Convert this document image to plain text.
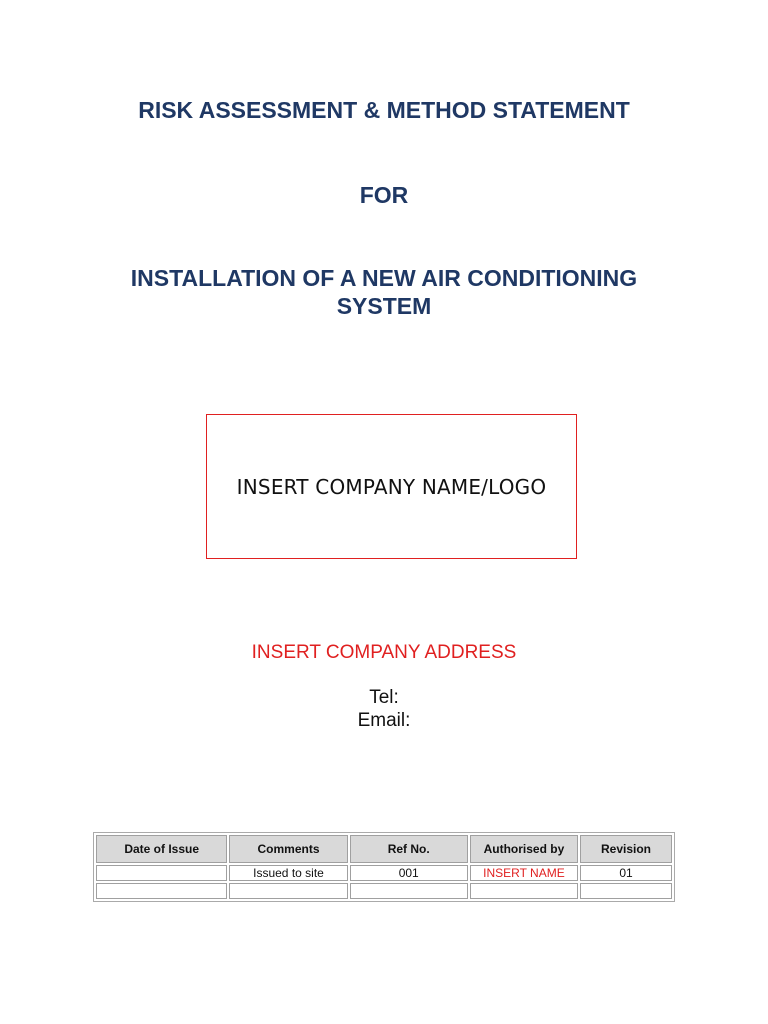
RISK ASSESSMENT & METHOD STATEMENT
FOR
INSTALLATION OF A NEW AIR CONDITIONING SYSTEM
INSERT COMPANY NAME/LOGO
INSERT COMPANY ADDRESS
Tel:
Email:
Date of Issue	Comments	Ref No.	Authorised by	Revision
	Issued to site	001	INSERT NAME	01
